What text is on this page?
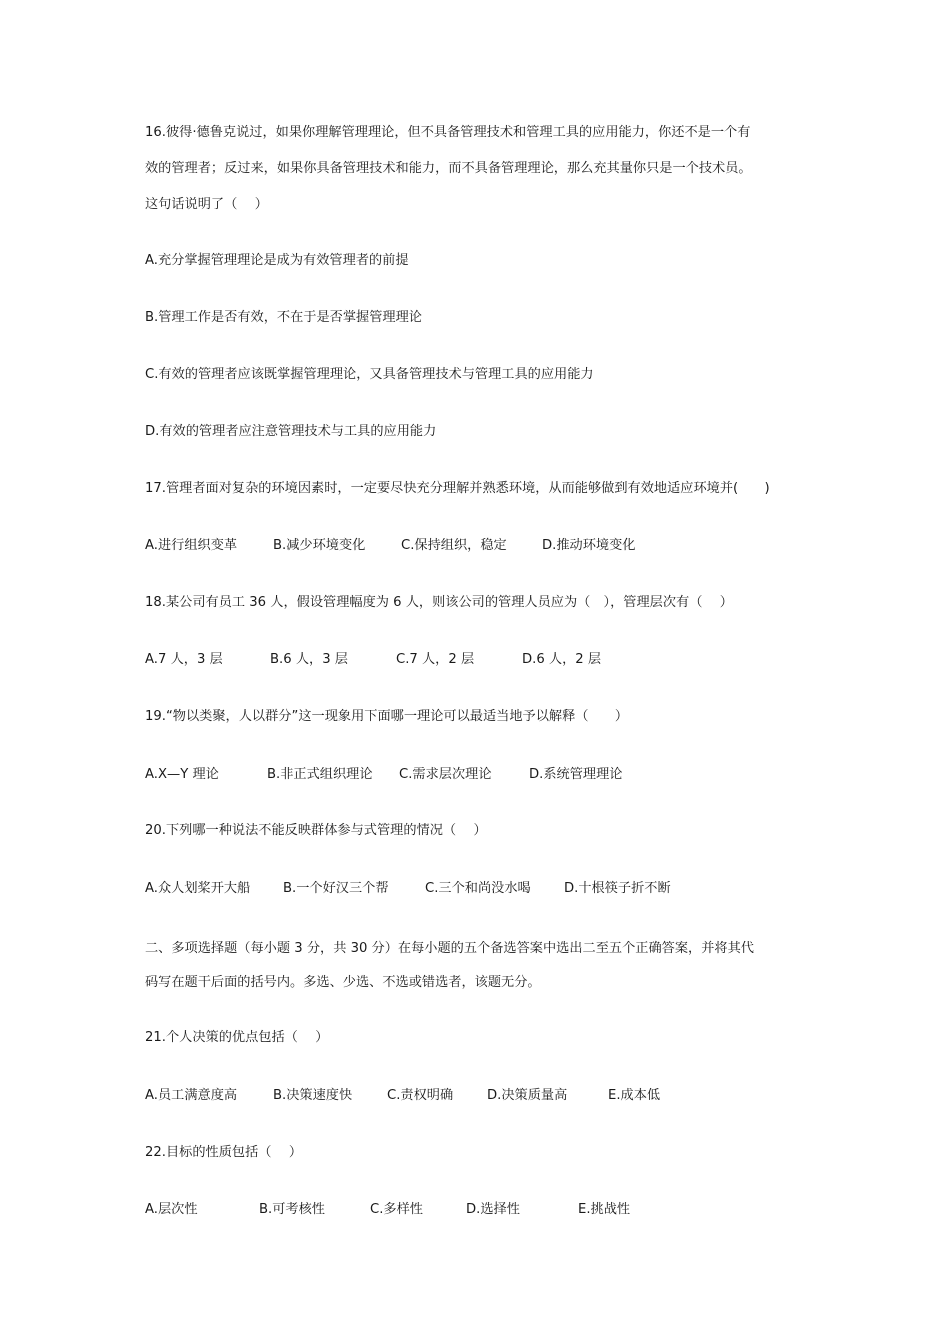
16.彼得·德鲁克说过，如果你理解管理理论，但不具备管理技术和管理工具的应用能力，你还不是一个有
效的管理者；反过来，如果你具备管理技术和能力，而不具备管理理论，那么充其量你只是一个技术员。
这句话说明了（　 ）
A.充分掌握管理理论是成为有效管理者的前提
B.管理工作是否有效，不在于是否掌握管理理论
C.有效的管理者应该既掌握管理理论，又具备管理技术与管理工具的应用能力
D.有效的管理者应注意管理技术与工具的应用能力
17.管理者面对复杂的环境因素时，一定要尽快充分理解并熟悉环境，从而能够做到有效地适应环境并(　　)
A.进行组织变革	B.减少环境变化	C.保持组织，稳定	D.推动环境变化
18.某公司有员工 36 人，假设管理幅度为 6 人，则该公司的管理人员应为（　），管理层次有（　 ）
A.7 人，3 层	B.6 人，3 层	C.7 人，2 层	D.6 人，2 层
19.“物以类聚，人以群分”这一现象用下面哪一理论可以最适当地予以解释（　　）
A.X—Y 理论	B.非正式组织理论 C.需求层次理论	D.系统管理理论
20.下列哪一种说法不能反映群体参与式管理的情况（　 ）
A.众人划桨开大船 B.一个好汉三个帮	C.三个和尚没水喝	D.十根筷子折不断
二、多项选择题（每小题 3 分，共 30 分）在每小题的五个备选答案中选出二至五个正确答案，并将其代
码写在题干后面的括号内。多选、少选、不选或错选者，该题无分。
21.个人决策的优点包括（　 ）
A.员工满意度高	B.决策速度快	C.责权明确	D.决策质量高	E.成本低
22.目标的性质包括（　 ）
A.层次性	B.可考核性	C.多样性	D.选择性	E.挑战性
